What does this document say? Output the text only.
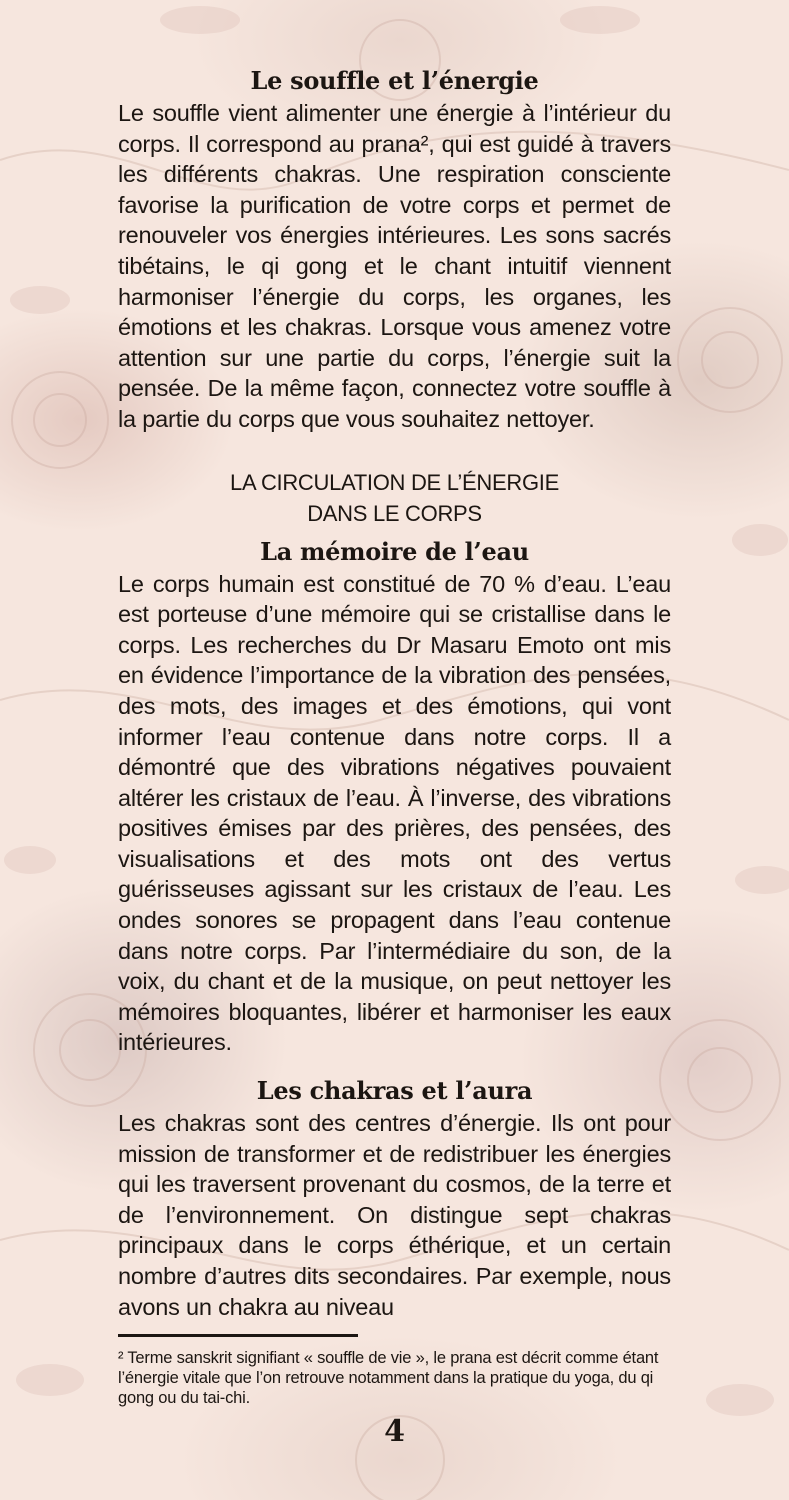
Le souffle et l’énergie

Le souffle vient alimenter une énergie à l’intérieur du corps. Il correspond au prana², qui est guidé à travers les différents chakras. Une respiration consciente favorise la purification de votre corps et permet de renouveler vos énergies intérieures. Les sons sacrés tibétains, le qi gong et le chant intuitif viennent harmoniser l’énergie du corps, les organes, les émotions et les chakras. Lorsque vous amenez votre attention sur une partie du corps, l’énergie suit la pensée. De la même façon, connectez votre souffle à la partie du corps que vous souhaitez nettoyer.

LA CIRCULATION DE L’ÉNERGIE
DANS LE CORPS
La mémoire de l’eau

Le corps humain est constitué de 70 % d’eau. L’eau est porteuse d’une mémoire qui se cristallise dans le corps. Les recherches du Dr Masaru Emoto ont mis en évidence l’importance de la vibration des pensées, des mots, des images et des émotions, qui vont informer l’eau contenue dans notre corps. Il a démontré que des vibrations négatives pouvaient altérer les cristaux de l’eau. À l’inverse, des vibrations positives émises par des prières, des pensées, des visualisations et des mots ont des vertus guérisseuses agissant sur les cristaux de l’eau. Les ondes sonores se propagent dans l’eau contenue dans notre corps. Par l’intermédiaire du son, de la voix, du chant et de la musique, on peut nettoyer les mémoires bloquantes, libérer et harmoniser les eaux intérieures.

Les chakras et l’aura

Les chakras sont des centres d’énergie. Ils ont pour mission de transformer et de redistribuer les énergies qui les traversent provenant du cosmos, de la terre et de l’environnement. On distingue sept chakras principaux dans le corps éthérique, et un certain nombre d’autres dits secondaires. Par exemple, nous avons un chakra au niveau

² Terme sanskrit signifiant « souffle de vie », le prana est décrit comme étant l’énergie vitale que l’on retrouve notamment dans la pratique du yoga, du qi gong ou du tai-chi.
4
